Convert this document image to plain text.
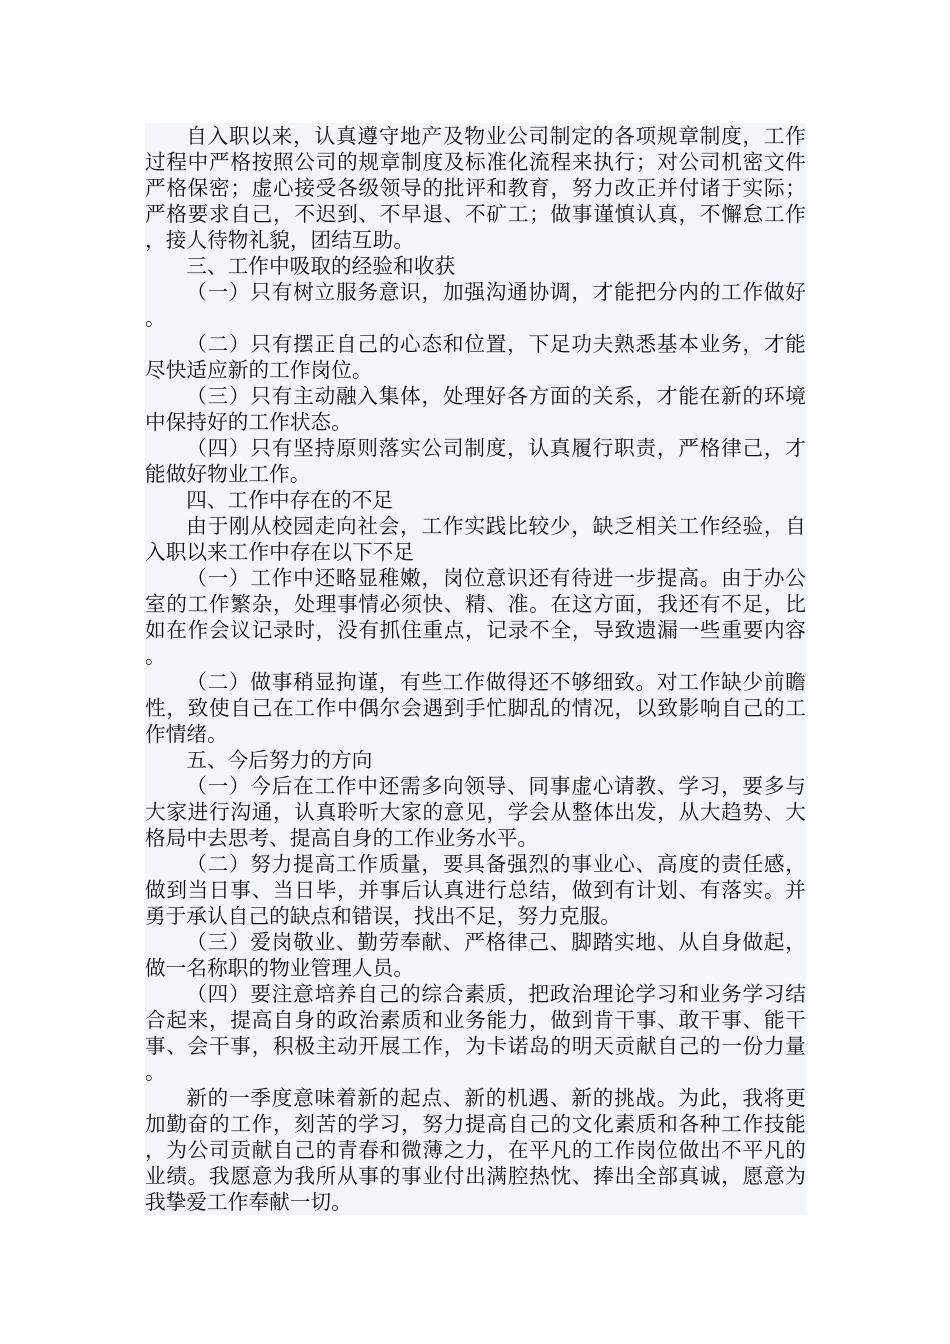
自入职以来，认真遵守地产及物业公司制定的各项规章制度，工作过程中严格按照公司的规章制度及标准化流程来执行；对公司机密文件严格保密；虚心接受各级领导的批评和教育，努力改正并付诸于实际；严格要求自己，不迟到、不早退、不矿工；做事谨慎认真，不懈怠工作，接人待物礼貌，团结互助。

三、工作中吸取的经验和收获

（一）只有树立服务意识，加强沟通协调，才能把分内的工作做好。

（二）只有摆正自己的心态和位置，下足功夫熟悉基本业务，才能尽快适应新的工作岗位。

（三）只有主动融入集体，处理好各方面的关系，才能在新的环境中保持好的工作状态。

（四）只有坚持原则落实公司制度，认真履行职责，严格律己，才能做好物业工作。

四、工作中存在的不足

由于刚从校园走向社会，工作实践比较少，缺乏相关工作经验，自入职以来工作中存在以下不足

（一）工作中还略显稚嫩，岗位意识还有待进一步提高。由于办公室的工作繁杂，处理事情必须快、精、准。在这方面，我还有不足，比如在作会议记录时，没有抓住重点，记录不全，导致遗漏一些重要内容。

（二）做事稍显拘谨，有些工作做得还不够细致。对工作缺少前瞻性，致使自己在工作中偶尔会遇到手忙脚乱的情况，以致影响自己的工作情绪。

五、今后努力的方向

（一）今后在工作中还需多向领导、同事虚心请教、学习，要多与大家进行沟通，认真聆听大家的意见，学会从整体出发，从大趋势、大格局中去思考、提高自身的工作业务水平。

（二）努力提高工作质量，要具备强烈的事业心、高度的责任感，做到当日事、当日毕，并事后认真进行总结，做到有计划、有落实。并勇于承认自己的缺点和错误，找出不足，努力克服。

（三）爱岗敬业、勤劳奉献、严格律己、脚踏实地、从自身做起，做一名称职的物业管理人员。

（四）要注意培养自己的综合素质，把政治理论学习和业务学习结合起来，提高自身的政治素质和业务能力，做到肯干事、敢干事、能干事、会干事，积极主动开展工作，为卡诺岛的明天贡献自己的一份力量。

新的一季度意味着新的起点、新的机遇、新的挑战。为此，我将更加勤奋的工作，刻苦的学习，努力提高自己的文化素质和各种工作技能，为公司贡献自己的青春和微薄之力，在平凡的工作岗位做出不平凡的业绩。我愿意为我所从事的事业付出满腔热忱、捧出全部真诚，愿意为我挚爱工作奉献一切。
